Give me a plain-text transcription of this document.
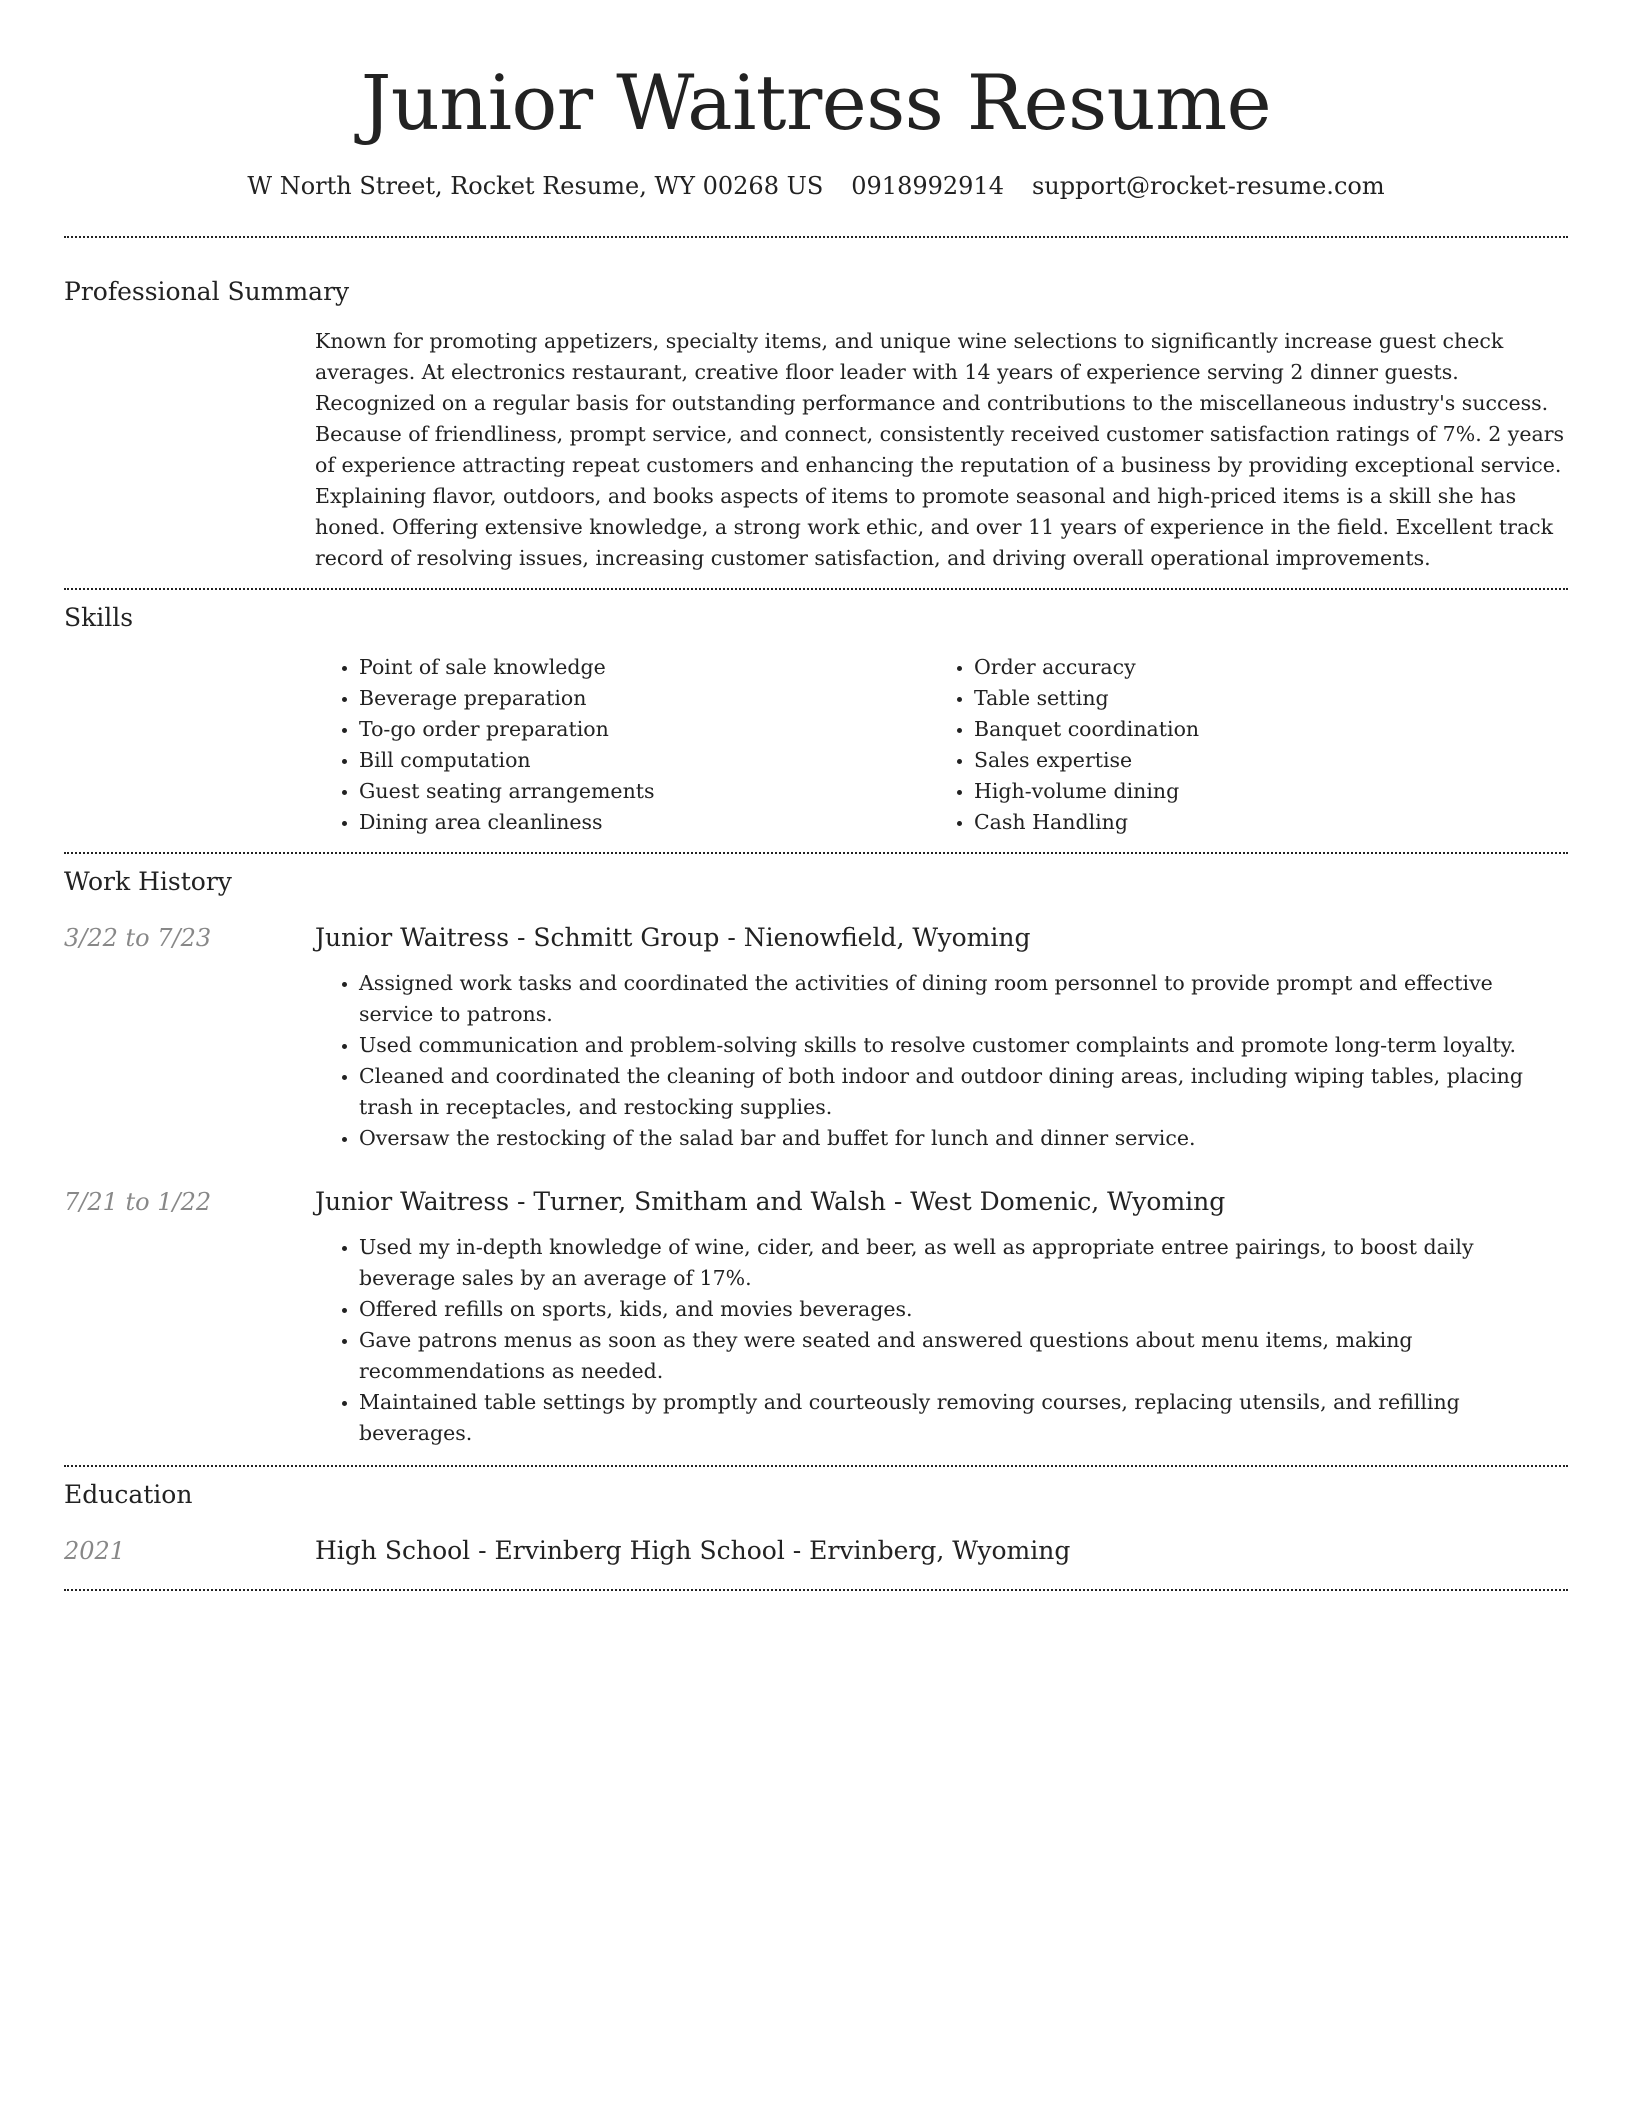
Junior Waitress Resume
W North Street, Rocket Resume, WY 00268 US 0918992914 support@rocket-resume.com
Professional Summary

Known for promoting appetizers, specialty items, and unique wine selections to significantly increase guest check averages. At electronics restaurant, creative floor leader with 14 years of experience serving 2 dinner guests. Recognized on a regular basis for outstanding performance and contributions to the miscellaneous industry's success. Because of friendliness, prompt service, and connect, consistently received customer satisfaction ratings of 7%. 2 years of experience attracting repeat customers and enhancing the reputation of a business by providing exceptional service. Explaining flavor, outdoors, and books aspects of items to promote seasonal and high-priced items is a skill she has honed. Offering extensive knowledge, a strong work ethic, and over 11 years of experience in the field. Excellent track record of resolving issues, increasing customer satisfaction, and driving overall operational improvements.

Skills
• Point of sale knowledge
• Beverage preparation
• To-go order preparation
• Bill computation
• Guest seating arrangements
• Dining area cleanliness
• Order accuracy
• Table setting
• Banquet coordination
• Sales expertise
• High-volume dining
• Cash Handling
Work History
3/22 to 7/23	Junior Waitress - Schmitt Group - Nienowfield, Wyoming
• Assigned work tasks and coordinated the activities of dining room personnel to provide prompt and effective service to patrons.
• Used communication and problem-solving skills to resolve customer complaints and promote long-term loyalty.
• Cleaned and coordinated the cleaning of both indoor and outdoor dining areas, including wiping tables, placing trash in receptacles, and restocking supplies.
• Oversaw the restocking of the salad bar and buffet for lunch and dinner service.
7/21 to 1/22	Junior Waitress - Turner, Smitham and Walsh - West Domenic, Wyoming
• Used my in-depth knowledge of wine, cider, and beer, as well as appropriate entree pairings, to boost daily beverage sales by an average of 17%.
• Offered refills on sports, kids, and movies beverages.
• Gave patrons menus as soon as they were seated and answered questions about menu items, making recommendations as needed.
• Maintained table settings by promptly and courteously removing courses, replacing utensils, and refilling beverages.
Education
2021	High School - Ervinberg High School - Ervinberg, Wyoming
